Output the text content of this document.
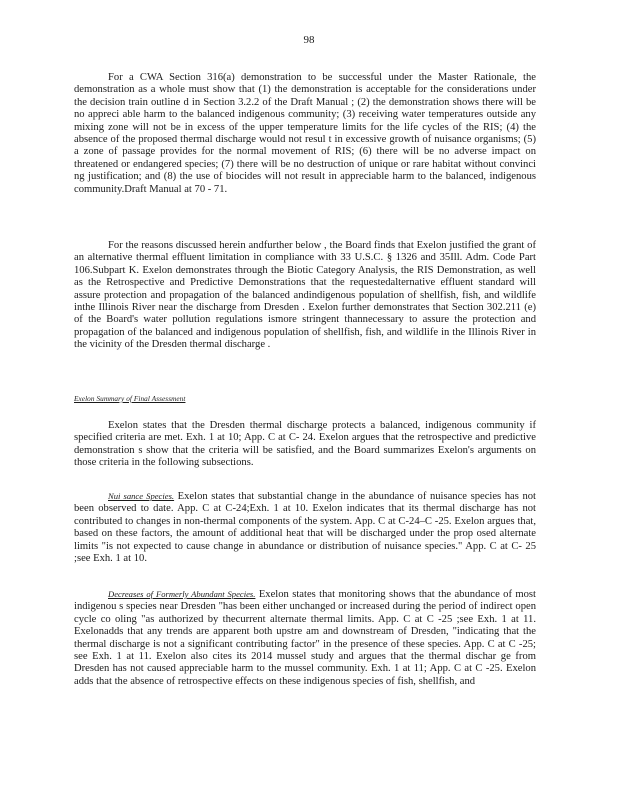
98

For a CWA Section 316(a) demonstration to be successful under the Master Rationale, the demonstration as a whole must show that (1) the demonstration is acceptable for the considerations under the decision train outline d in Section 3.2.2 of the Draft Manual ; (2) the demonstration shows there will be no appreci able harm to the balanced indigenous community; (3) receiving water temperatures outside any mixing zone will not be in excess of the upper temperature limits for the life cycles of the RIS; (4) the absence of the proposed thermal discharge would not resul t in excessive growth of nuisance organisms; (5) a zone of passage provides for the normal movement of RIS; (6) there will be no adverse impact on threatened or endangered species; (7) there will be no destruction of unique or rare habitat without convinci ng justification; and (8) the use of biocides will not result in appreciable harm to the balanced, indigenous community.Draft Manual at 70 - 71.

For the reasons discussed herein andfurther below , the Board finds that Exelon justified the grant of an alternative thermal effluent limitation in compliance with 33 U.S.C. § 1326 and 35Ill. Adm. Code Part 106.Subpart K. Exelon demonstrates through the Biotic Category Analysis, the RIS Demonstration, as well as the Retrospective and Predictive Demonstrations that the requestedalternative effluent standard will assure protection and propagation of the balanced andindigenous population of shellfish, fish, and wildlife inthe Illinois River near the discharge from Dresden . Exelon further demonstrates that Section 302.211 (e) of the Board's water pollution regulations ismore stringent thannecessary to assure the protection and propagation of the balanced and indigenous population of shellfish, fish, and wildlife in the Illinois River in the vicinity of the Dresden thermal discharge .

Exelon Summary of Final Assessment

Exelon states that the Dresden thermal discharge protects a balanced, indigenous community if specified criteria are met. Exh. 1 at 10; App. C at C- 24. Exelon argues that the retrospective and predictive demonstration s show that the criteria will be satisfied, and the Board summarizes Exelon's arguments on those criteria in the following subsections.

Nui sance Species. Exelon states that substantial change in the abundance of nuisance species has not been observed to date. App. C at C-24;Exh. 1 at 10. Exelon indicates that its thermal discharge has not contributed to changes in non-thermal components of the system. App. C at C-24–C -25. Exelon argues that, based on these factors, the amount of additional heat that will be discharged under the prop osed alternate limits "is not expected to cause change in abundance or distribution of nuisance species." App. C at C- 25 ;see Exh. 1 at 10.

Decreases of Formerly Abundant Species. Exelon states that monitoring shows that the abundance of most indigenou s species near Dresden "has been either unchanged or increased during the period of indirect open cycle co oling "as authorized by thecurrent alternate thermal limits. App. C at C -25 ;see Exh. 1 at 11. Exelonadds that any trends are apparent both upstre am and downstream of Dresden, "indicating that the thermal discharge is not a significant contributing factor" in the presence of these species. App. C at C -25; see Exh. 1 at 11. Exelon also cites its 2014 mussel study and argues that the thermal dischar ge from Dresden has not caused appreciable harm to the mussel community. Exh. 1 at 11; App. C at C -25. Exelon adds that the absence of retrospective effects on these indigenous species of fish, shellfish, and
